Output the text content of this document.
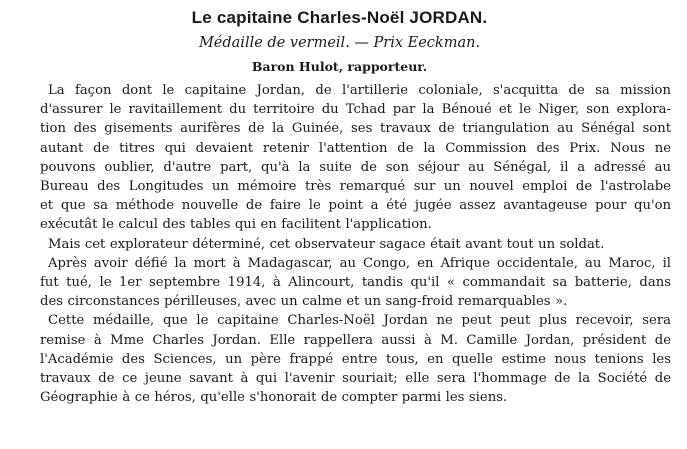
Le capitaine Charles-Noël JORDAN.
Médaille de vermeil. — Prix Eeckman.
Baron Hulot, rapporteur.
La façon dont le capitaine Jordan, de l'artillerie coloniale, s'acquitta de sa mission
d'assurer le ravitaillement du territoire du Tchad par la Bénoué et le Niger, son explora-
tion des gisements aurifères de la Guinée, ses travaux de triangulation au Sénégal sont
autant de titres qui devaient retenir l'attention de la Commission des Prix. Nous ne
pouvons oublier, d'autre part, qu'à la suite de son séjour au Sénégal, il a adressé au
Bureau des Longitudes un mémoire très remarqué sur un nouvel emploi de l'astrolabe
et que sa méthode nouvelle de faire le point a été jugée assez avantageuse pour qu'on
exécutât le calcul des tables qui en facilitent l'application.
Mais cet explorateur déterminé, cet observateur sagace était avant tout un soldat.
Après avoir défié la mort à Madagascar, au Congo, en Afrique occidentale, au Maroc, il
fut tué, le 1er septembre 1914, à Alincourt, tandis qu'il « commandait sa batterie, dans
des circonstances périlleuses, avec un calme et un sang-froid remarquables ».
Cette médaille, que le capitaine Charles-Noël Jordan ne peut peut plus recevoir, sera
remise à Mme Charles Jordan. Elle rappellera aussi à M. Camille Jordan, président de
l'Académie des Sciences, un père frappé entre tous, en quelle estime nous tenions les
travaux de ce jeune savant à qui l'avenir souriait; elle sera l'hommage de la Société de
Géographie à ce héros, qu'elle s'honorait de compter parmi les siens.
